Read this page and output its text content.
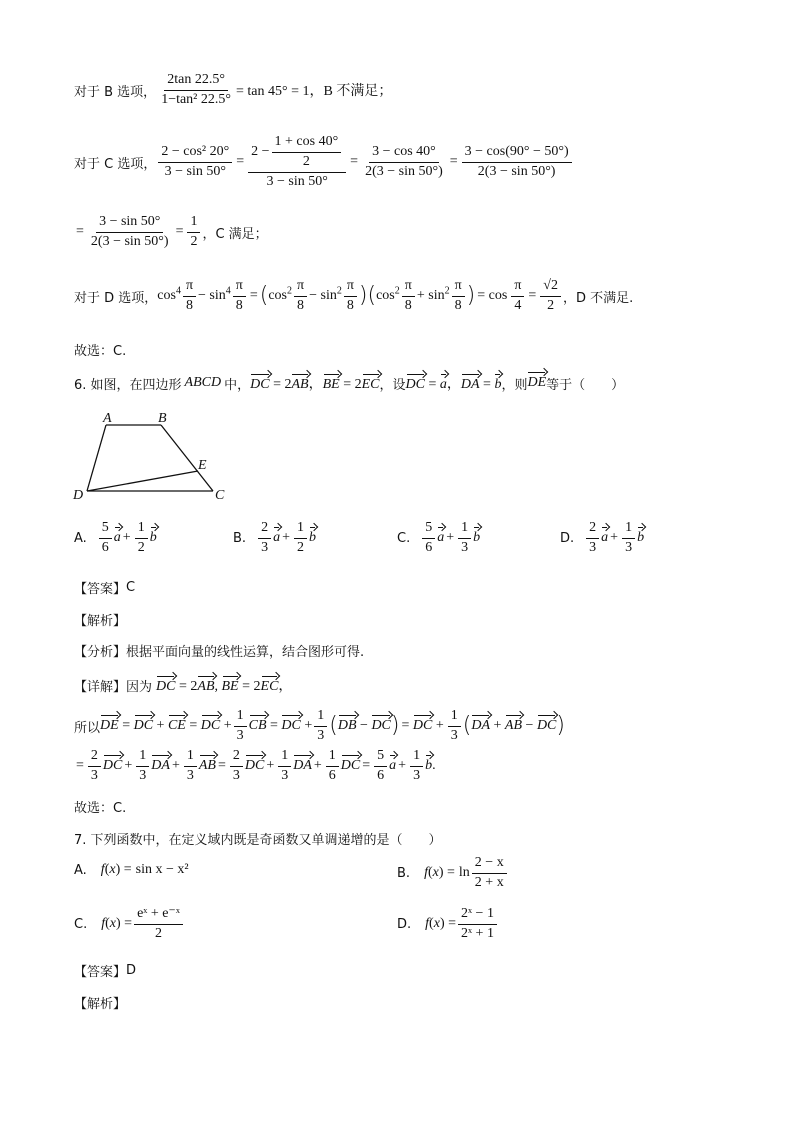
对于 B 选项， $\frac{2\tan 22.5^\circ}{\text{1−tan² 22.5°}} = \tan 45^\circ = 1$，B 不满足；
对于 C 选项， $\frac{\text{2 − cos² 20°}}{3 - \sin 50^\circ} = \frac{2 - \frac{1 + \cos 40^\circ}{2}}{3 - \sin 50^\circ} = \frac{3 - \cos 40^\circ}{2(3 - \sin 50^\circ)} = \frac{3 - \cos(90^\circ - 50^\circ)}{2(3 - \sin 50^\circ)}$
= $\frac{3 - \sin 50^\circ}{2(3 - \sin 50^\circ)} = \frac{1}{2}$ ，C 满足；
对于 D 选项， $\cos^4 \frac{\pi}{8} - \sin^4 \frac{\pi}{8}$ = ( $\cos^2 \frac{\pi}{8} - \sin^2 \frac{\pi}{8}$ ) ( $\cos^2 \frac{\pi}{8} + \sin^2 \frac{\pi}{8}$ ) = $\cos \frac{\pi}{4} = \frac{√2}{2}$ ，D 不满足.
故选：C.
6. 如图，在四边形 ABCD 中， DC = 2AB，BE = 2EC ，设 DC = a，DA = b ，则 DE 等于（　　）
A	B
E
D	C
A. $\frac{5}{6}$ $a + \frac{1}{2}$ b	B. $\frac{2}{3}$ $a + \frac{1}{2}$ b	C. $\frac{5}{6}$ $a + \frac{1}{3}$ b	D. $\frac{2}{3}$ $a + \frac{1}{3}$ b
【答案】 C
【解析】
【分析】 根据平面向量的线性运算，结合图形可得.
【详解】 因为 DC = 2AB, BE = 2EC，
所以 DE = DC + CE = DC + $\frac{1}{3}$ CB = DC + $\frac{1}{3}$ ( DB − DC ) = DC + $\frac{1}{3}$ ( DA + AB − DC )
= $\frac{2}{3}$ DC + $\frac{1}{3}$ DA + $\frac{1}{3}$ AB = $\frac{2}{3}$ DC + $\frac{1}{3}$ DA + $\frac{1}{6}$ DC = $\frac{5}{6}$ $a + \frac{1}{3}$ b .
故选：C.
7. 下列函数中，在定义域内既是奇函数又单调递增的是（　　）
A. f(x) = sin x − x²	B. $f(x) = \ln \frac{2 - x}{2 + x}$
C. $f(x) = \frac{\text{eˣ + e⁻ˣ}}{2}$	D. $f(x) = \frac{\text{2ˣ − 1}}{\text{2ˣ + 1}}$
【答案】 D
【解析】
